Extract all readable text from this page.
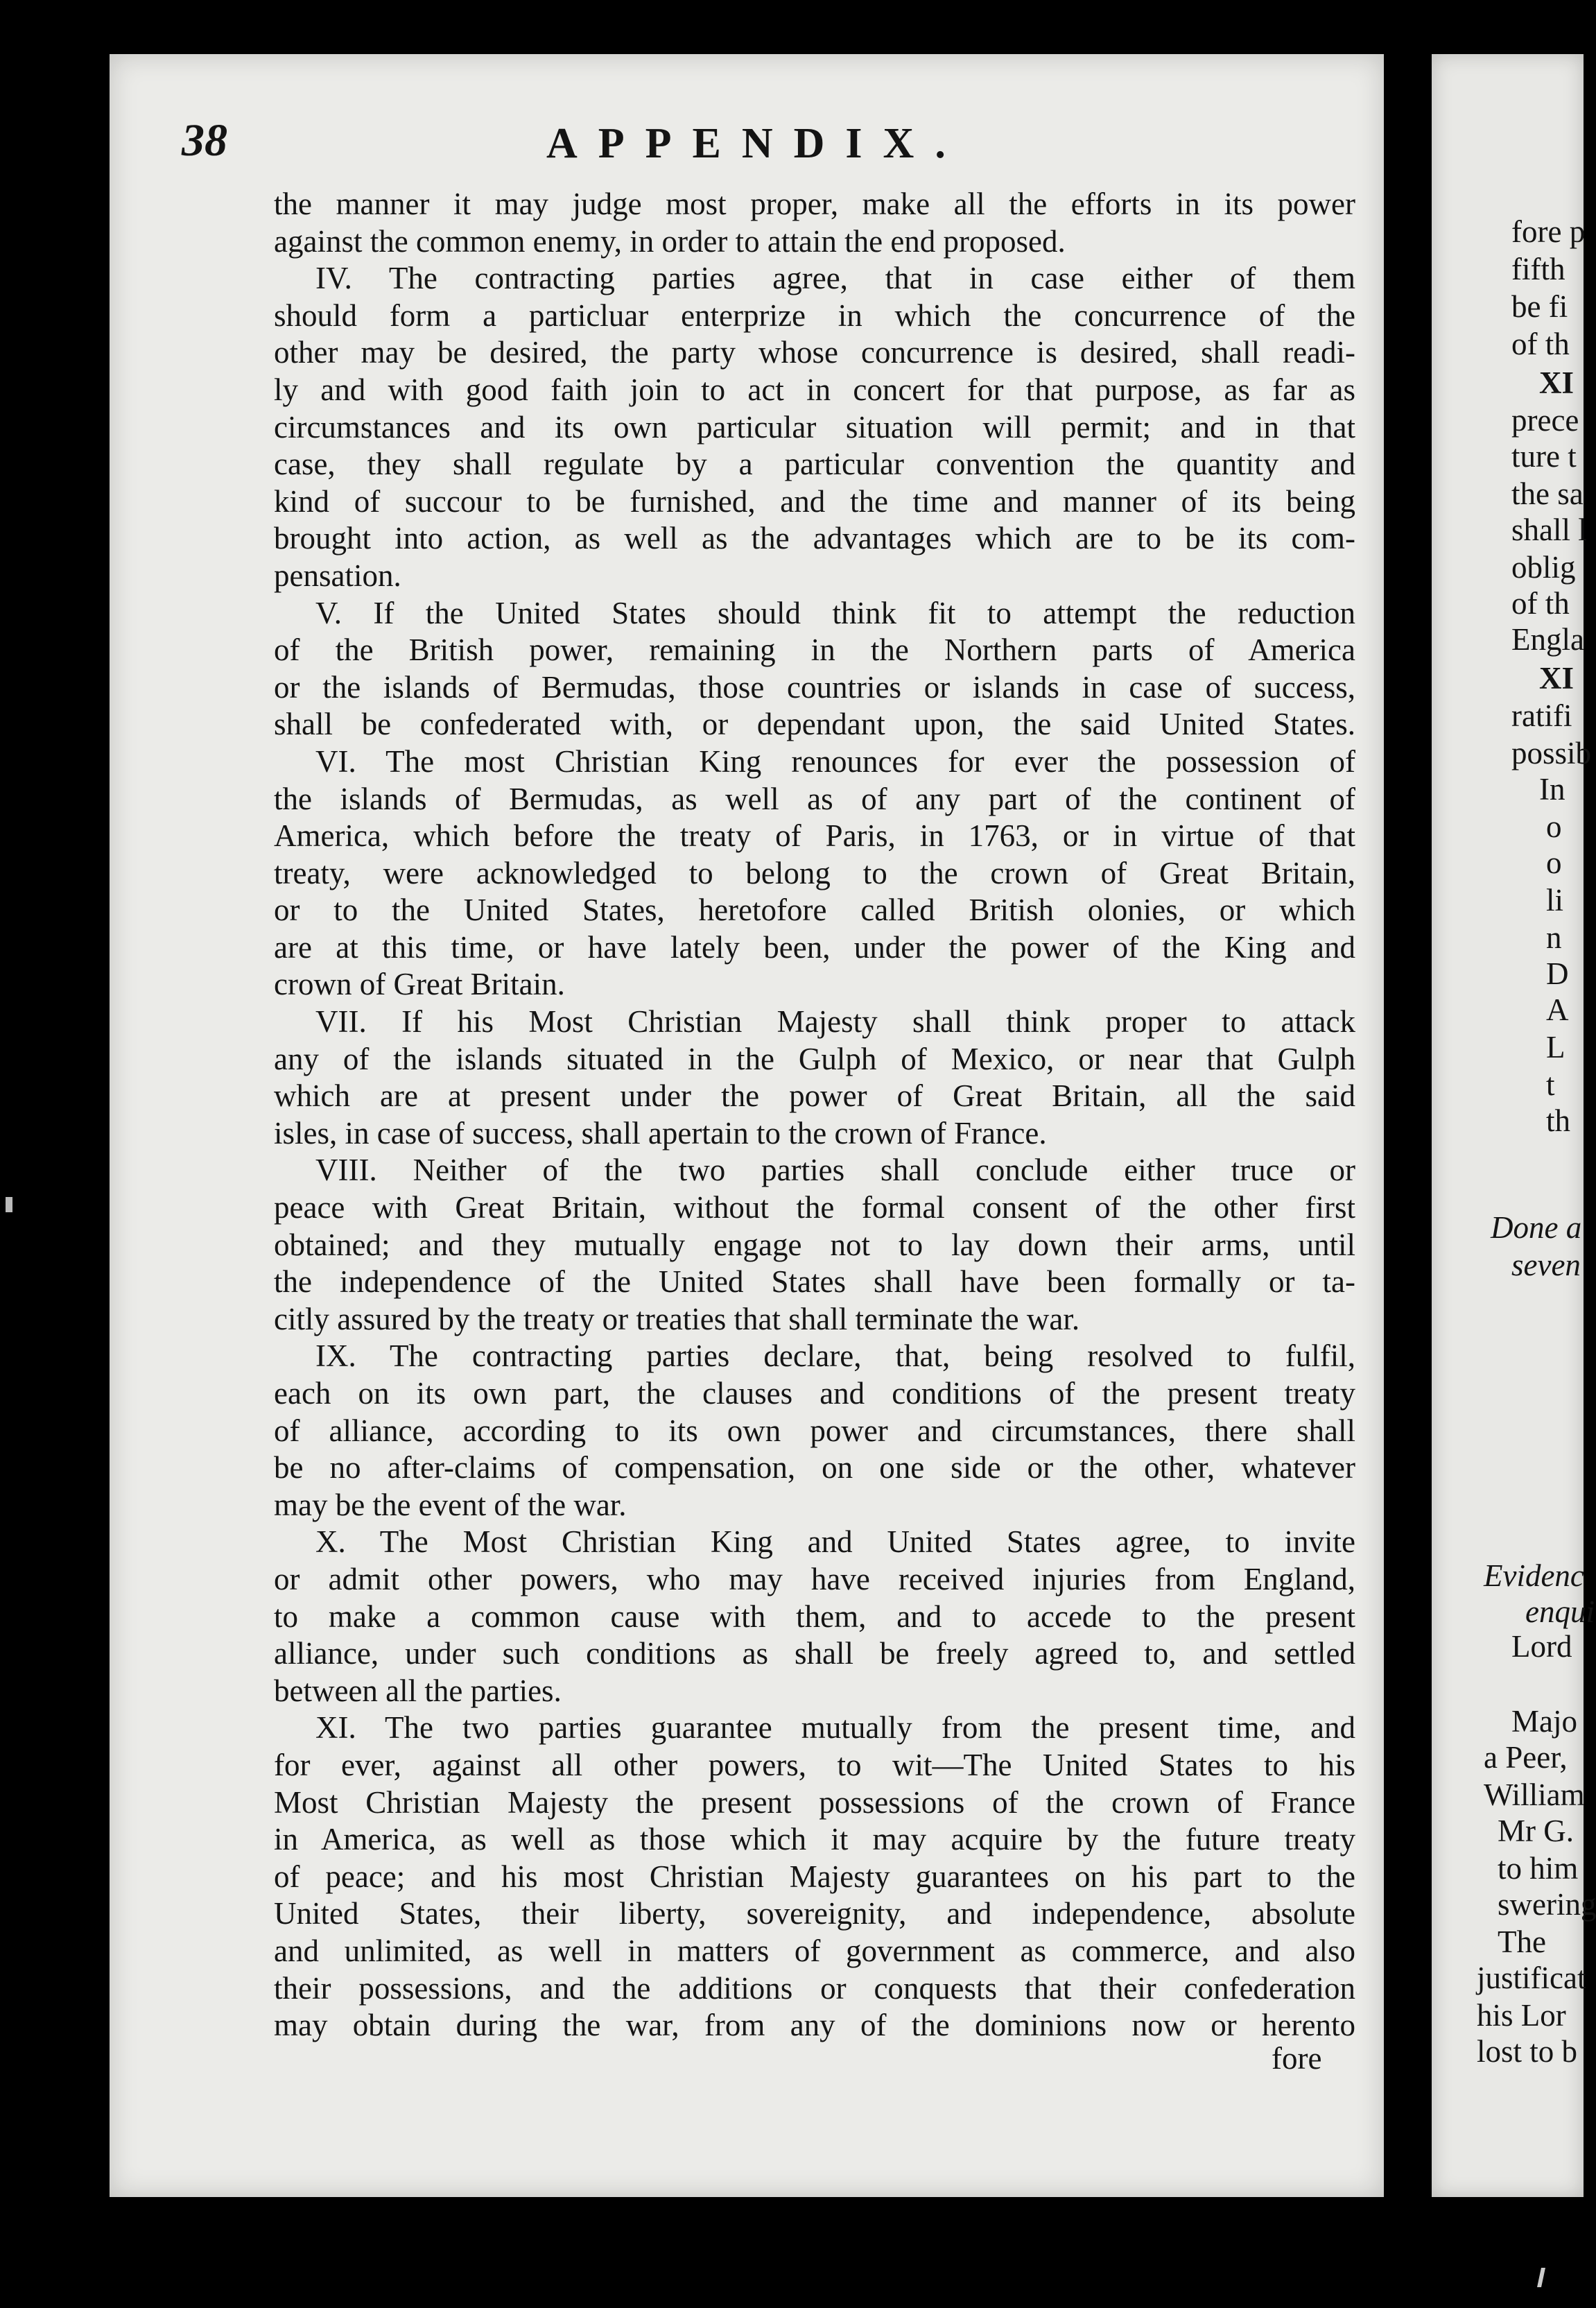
38	APPENDIX.
the manner it may judge most proper, make all the efforts in its power
against the common enemy, in order to attain the end proposed.
IV. The contracting parties agree, that in case either of them
should form a particluar enterprize in which the concurrence of the
other may be desired, the party whose concurrence is desired, shall readi-
ly and with good faith join to act in concert for that purpose, as far as
circumstances and its own particular situation will permit; and in that
case, they shall regulate by a particular convention the quantity and
kind of succour to be furnished, and the time and manner of its being
brought into action, as well as the advantages which are to be its com-
pensation.
V. If the United States should think fit to attempt the reduction
of the British power, remaining in the Northern parts of America
or the islands of Bermudas, those countries or islands in case of success,
shall be confederated with, or dependant upon, the said United States.
VI. The most Christian King renounces for ever the possession of
the islands of Bermudas, as well as of any part of the continent of
America, which before the treaty of Paris, in 1763, or in virtue of that
treaty, were acknowledged to belong to the crown of Great Britain,
or to the United States, heretofore called British olonies, or which
are at this time, or have lately been, under the power of the King and
crown of Great Britain.
VII. If his Most Christian Majesty shall think proper to attack
any of the islands situated in the Gulph of Mexico, or near that Gulph
which are at present under the power of Great Britain, all the said
isles, in case of success, shall apertain to the crown of France.
VIII. Neither of the two parties shall conclude either truce or
peace with Great Britain, without the formal consent of the other first
obtained; and they mutually engage not to lay down their arms, until
the independence of the United States shall have been formally or ta-
citly assured by the treaty or treaties that shall terminate the war.
IX. The contracting parties declare, that, being resolved to fulfil,
each on its own part, the clauses and conditions of the present treaty
of alliance, according to its own power and circumstances, there shall
be no after-claims of compensation, on one side or the other, whatever
may be the event of the war.
X. The Most Christian King and United States agree, to invite
or admit other powers, who may have received injuries from England,
to make a common cause with them, and to accede to the present
alliance, under such conditions as shall be freely agreed to, and settled
between all the parties.
XI. The two parties guarantee mutually from the present time, and
for ever, against all other powers, to wit—The United States to his
Most Christian Majesty the present possessions of the crown of France
in America, as well as those which it may acquire by the future treaty
of peace; and his most Christian Majesty guarantees on his part to the
United States, their liberty, sovereignity, and independence, absolute
and unlimited, as well in matters of government as commerce, and also
their possessions, and the additions or conquests that their confederation
may obtain during the war, from any of the dominions now or herento
fore
fore p
fifth
be fi
of th
XI
prece
ture t
the sa
shall l
oblig
of th
Engla
XI
ratifi
possib
In
o
o
li
n
D
A
L
t
th
Done a
seven
Evidenc
enqui
Lord
Majo
a Peer,
William
Mr G.
to him
swering
The
justificat
his Lor
lost to b
